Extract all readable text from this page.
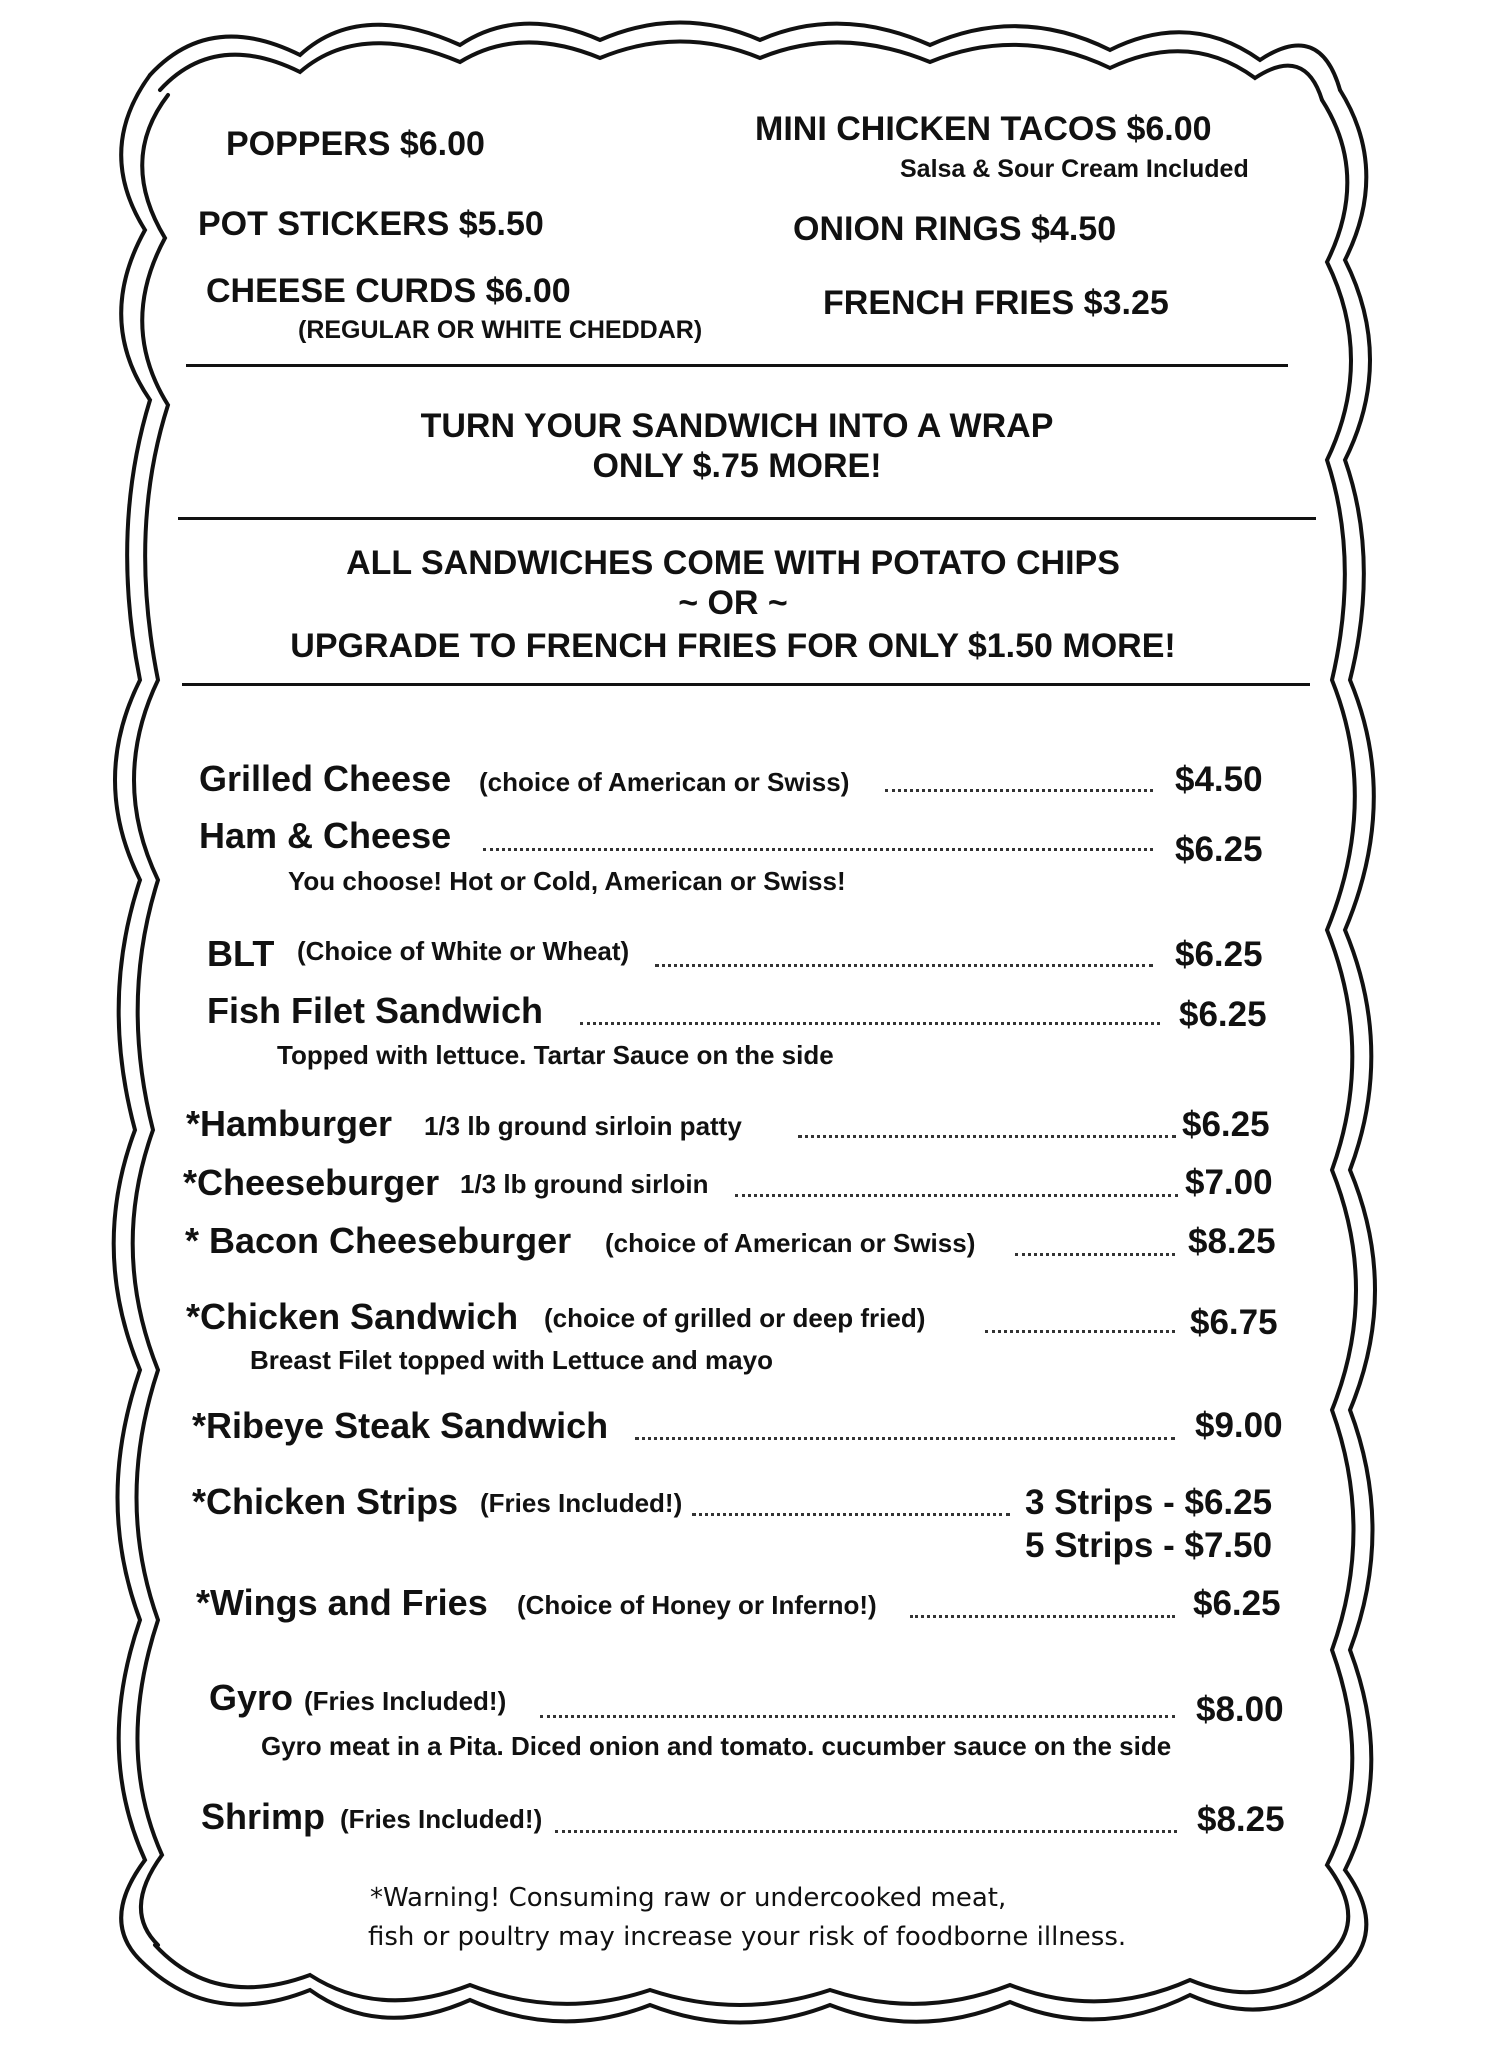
POPPERS $6.00
POT STICKERS $5.50
CHEESE CURDS $6.00
(REGULAR OR WHITE CHEDDAR)
MINI CHICKEN TACOS $6.00
Salsa & Sour Cream Included
ONION RINGS $4.50
FRENCH FRIES $3.25
TURN YOUR SANDWICH INTO A WRAP
ONLY $.75 MORE!
ALL SANDWICHES COME WITH POTATO CHIPS
~ OR ~
UPGRADE TO FRENCH FRIES FOR ONLY $1.50 MORE!
Grilled Cheese (choice of American or Swiss)	$4.50
Ham & Cheese	$6.25
You choose! Hot or Cold, American or Swiss!
BLT (Choice of White or Wheat)	$6.25
Fish Filet Sandwich	$6.25
Topped with lettuce. Tartar Sauce on the side
*Hamburger 1/3 lb ground sirloin patty	$6.25
*Cheeseburger 1/3 lb ground sirloin	$7.00
* Bacon Cheeseburger (choice of American or Swiss)	$8.25
*Chicken Sandwich (choice of grilled or deep fried)	$6.75
Breast Filet topped with Lettuce and mayo
*Ribeye Steak Sandwich	$9.00
*Chicken Strips (Fries Included!)	3 Strips - $6.25
5 Strips - $7.50
*Wings and Fries (Choice of Honey or Inferno!)	$6.25
Gyro (Fries Included!)	$8.00
Gyro meat in a Pita. Diced onion and tomato. cucumber sauce on the side
Shrimp (Fries Included!)	$8.25
*Warning! Consuming raw or undercooked meat,
fish or poultry may increase your risk of foodborne illness.
